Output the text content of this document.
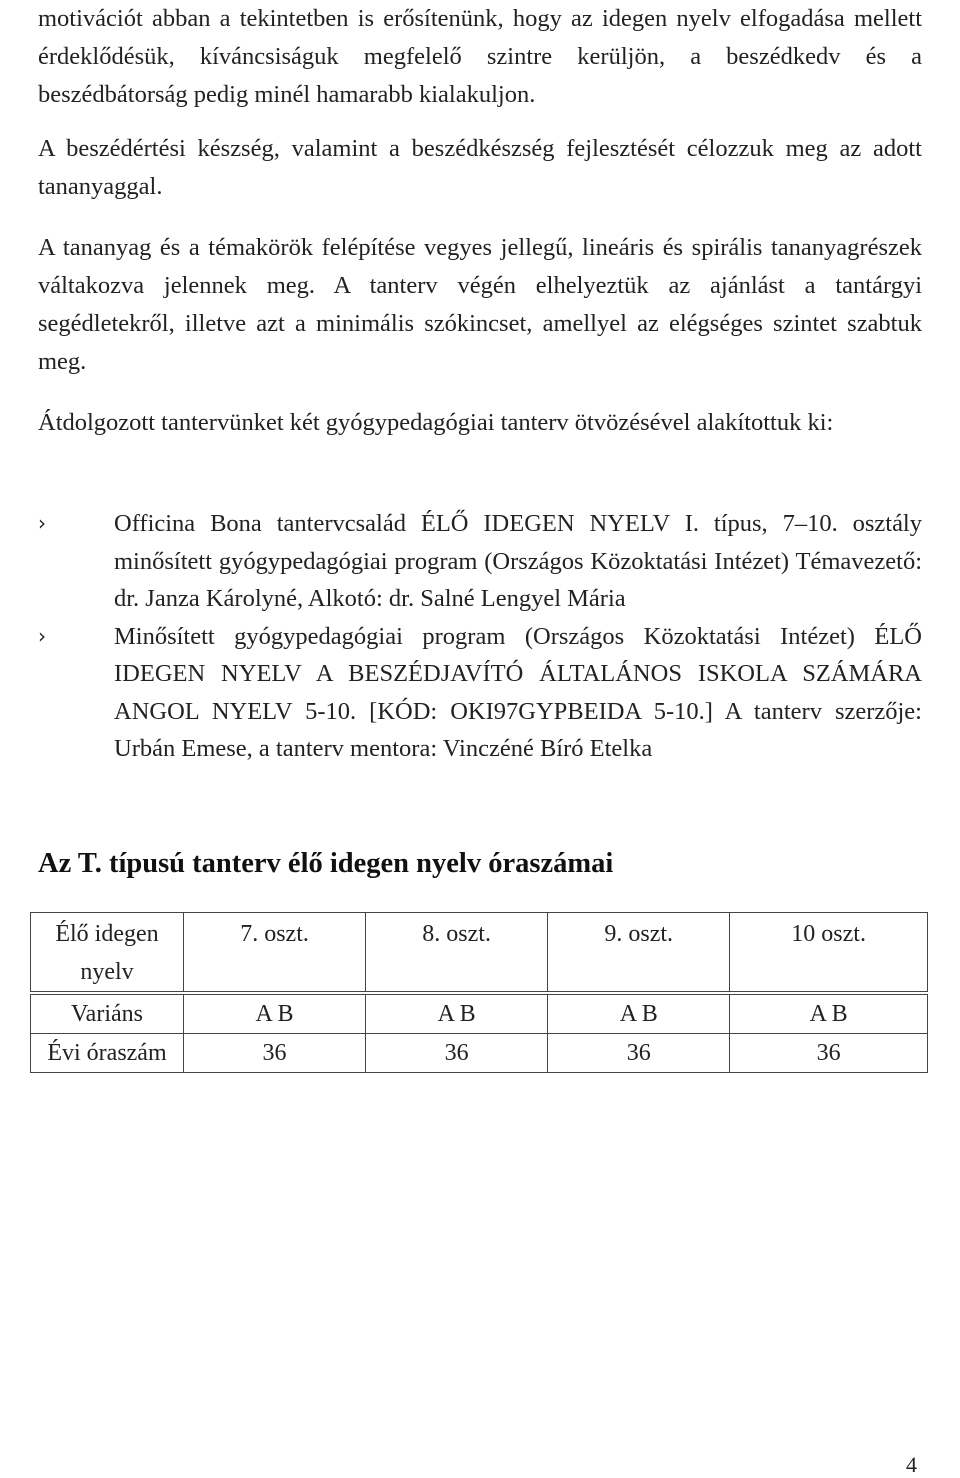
motivációt abban a tekintetben is erősítenünk, hogy az idegen nyelv elfogadása mellett érdeklődésük, kíváncsiságuk megfelelő szintre kerüljön, a beszédkedv és a beszédbátorság pedig minél hamarabb kialakuljon.

A beszédértési készség, valamint a beszédkészség fejlesztését célozzuk meg az adott tananyaggal.

A tananyag és a témakörök felépítése vegyes jellegű, lineáris és spirális tananyagrészek váltakozva jelennek meg. A tanterv végén elhelyeztük az ajánlást a tantárgyi segédletekről, illetve azt a minimális szókincset, amellyel az elégséges szintet szabtuk meg.

Átdolgozott tantervünket két gyógypedagógiai tanterv ötvözésével alakítottuk ki:

›	Officina Bona tantervcsalád ÉLŐ IDEGEN NYELV I. típus, 7–10. osztály minősített gyógypedagógiai program (Országos Közoktatási Intézet) Témavezető: dr. Janza Károlyné, Alkotó: dr. Salné Lengyel Mária
›	Minősített gyógypedagógiai program (Országos Közoktatási Intézet) ÉLŐ IDEGEN NYELV A BESZÉDJAVÍTÓ ÁLTALÁNOS ISKOLA SZÁMÁRA ANGOL NYELV 5-10. [KÓD: OKI97GYPBEIDA 5-10.] A tanterv szerzője: Urbán Emese, a tanterv mentora: Vinczéné Bíró Etelka
Az T. típusú tanterv élő idegen nyelv óraszámai
Élő idegen nyelv	7. oszt.	8. oszt.	9. oszt.	10 oszt.
Variáns	A B	A B	A B	A B
Évi óraszám	36	36	36	36
4
